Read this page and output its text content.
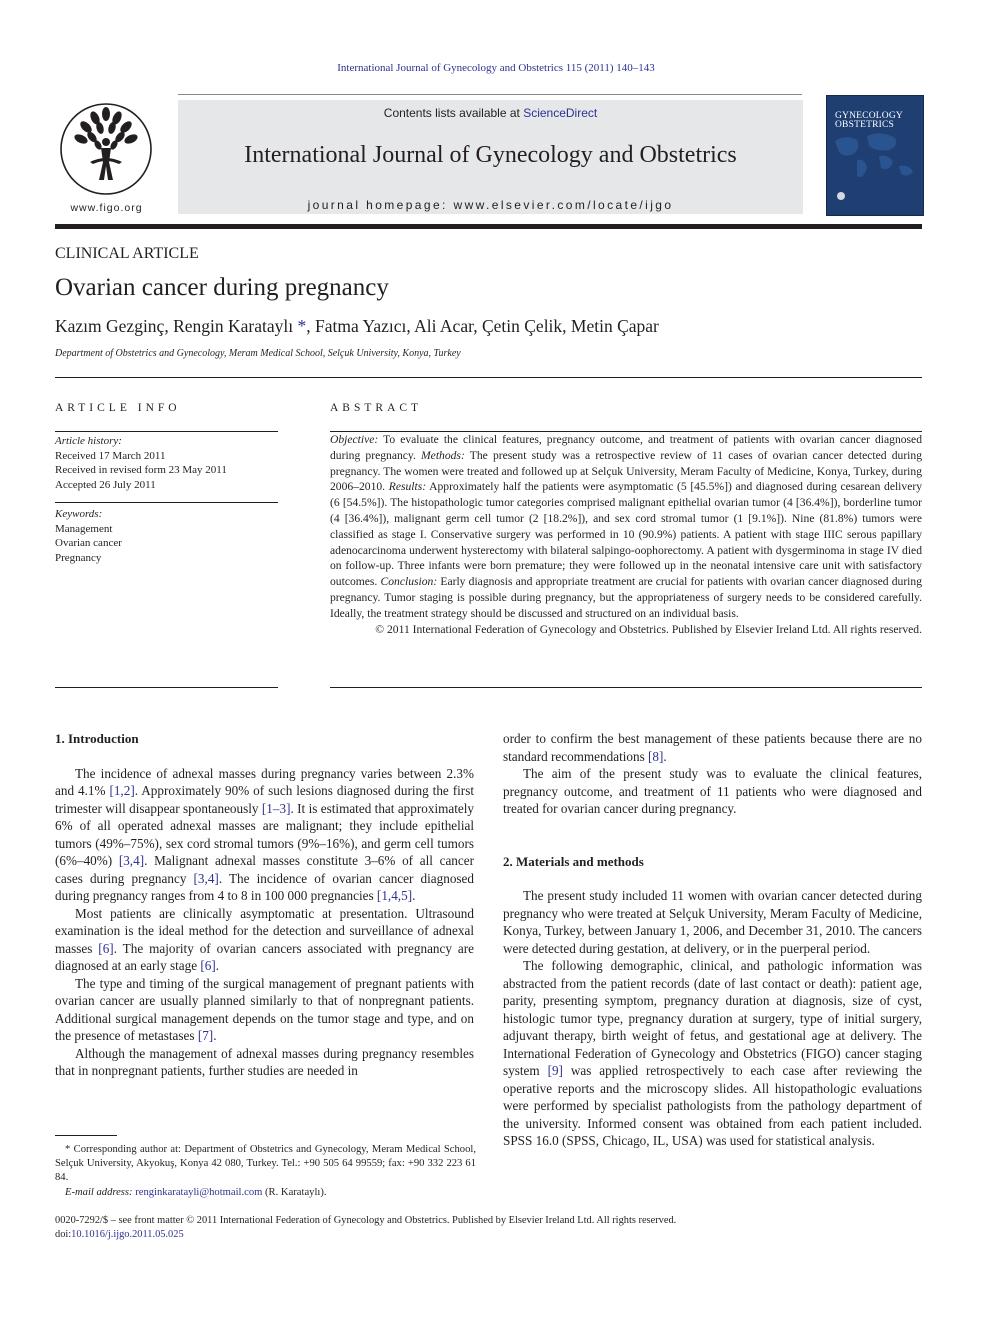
International Journal of Gynecology and Obstetrics 115 (2011) 140–143
www.figo.org
Contents lists available at ScienceDirect
International Journal of Gynecology and Obstetrics
journal homepage: www.elsevier.com/locate/ijgo
GYNECOLOGY
OBSTETRICS
CLINICAL ARTICLE
Ovarian cancer during pregnancy
Kazım Gezginç, Rengin Karataylı *, Fatma Yazıcı, Ali Acar, Çetin Çelik, Metin Çapar
Department of Obstetrics and Gynecology, Meram Medical School, Selçuk University, Konya, Turkey
ARTICLE INFO
Article history:
Received 17 March 2011
Received in revised form 23 May 2011
Accepted 26 July 2011
Keywords:
Management
Ovarian cancer
Pregnancy
ABSTRACT

Objective: To evaluate the clinical features, pregnancy outcome, and treatment of patients with ovarian cancer diagnosed during pregnancy. Methods: The present study was a retrospective review of 11 cases of ovarian cancer detected during pregnancy. The women were treated and followed up at Selçuk University, Meram Faculty of Medicine, Konya, Turkey, during 2006–2010. Results: Approximately half the patients were asymptomatic (5 [45.5%]) and diagnosed during cesarean delivery (6 [54.5%]). The histopathologic tumor categories comprised malignant epithelial ovarian tumor (4 [36.4%]), borderline tumor (4 [36.4%]), malignant germ cell tumor (2 [18.2%]), and sex cord stromal tumor (1 [9.1%]). Nine (81.8%) tumors were classified as stage I. Conservative surgery was performed in 10 (90.9%) patients. A patient with stage IIIC serous papillary adenocarcinoma underwent hysterectomy with bilateral salpingo-oophorectomy. A patient with dysgerminoma in stage IV died on follow-up. Three infants were born premature; they were followed up in the neonatal intensive care unit with satisfactory outcomes. Conclusion: Early diagnosis and appropriate treatment are crucial for patients with ovarian cancer diagnosed during pregnancy. Tumor staging is possible during pregnancy, but the appropriateness of surgery needs to be considered carefully. Ideally, the treatment strategy should be discussed and structured on an individual basis.

© 2011 International Federation of Gynecology and Obstetrics. Published by Elsevier Ireland Ltd. All rights reserved.

1. Introduction

The incidence of adnexal masses during pregnancy varies between 2.3% and 4.1% [1,2]. Approximately 90% of such lesions diagnosed during the first trimester will disappear spontaneously [1–3]. It is estimated that approximately 6% of all operated adnexal masses are malignant; they include epithelial tumors (49%–75%), sex cord stromal tumors (9%–16%), and germ cell tumors (6%–40%) [3,4]. Malignant adnexal masses constitute 3–6% of all cancer cases during pregnancy [3,4]. The incidence of ovarian cancer diagnosed during pregnancy ranges from 4 to 8 in 100 000 pregnancies [1,4,5].

Most patients are clinically asymptomatic at presentation. Ultrasound examination is the ideal method for the detection and surveillance of adnexal masses [6]. The majority of ovarian cancers associated with pregnancy are diagnosed at an early stage [6].

The type and timing of the surgical management of pregnant patients with ovarian cancer are usually planned similarly to that of nonpregnant patients. Additional surgical management depends on the tumor stage and type, and on the presence of metastases [7].

Although the management of adnexal masses during pregnancy resembles that in nonpregnant patients, further studies are needed in

order to confirm the best management of these patients because there are no standard recommendations [8].

The aim of the present study was to evaluate the clinical features, pregnancy outcome, and treatment of 11 patients who were diagnosed and treated for ovarian cancer during pregnancy.

2. Materials and methods

The present study included 11 women with ovarian cancer detected during pregnancy who were treated at Selçuk University, Meram Faculty of Medicine, Konya, Turkey, between January 1, 2006, and December 31, 2010. The cancers were detected during gestation, at delivery, or in the puerperal period.

The following demographic, clinical, and pathologic information was abstracted from the patient records (date of last contact or death): patient age, parity, presenting symptom, pregnancy duration at diagnosis, size of cyst, histologic tumor type, pregnancy duration at surgery, type of initial surgery, adjuvant therapy, birth weight of fetus, and gestational age at delivery. The International Federation of Gynecology and Obstetrics (FIGO) cancer staging system [9] was applied retrospectively to each case after reviewing the operative reports and the microscopy slides. All histopathologic evaluations were performed by specialist pathologists from the pathology department of the university. Informed consent was obtained from each patient included. SPSS 16.0 (SPSS, Chicago, IL, USA) was used for statistical analysis.

* Corresponding author at: Department of Obstetrics and Gynecology, Meram Medical School, Selçuk University, Akyokuş, Konya 42 080, Turkey. Tel.: +90 505 64 99559; fax: +90 332 223 61 84.

E-mail address: renginkaratayli@hotmail.com (R. Karataylı).

0020-7292/$ – see front matter © 2011 International Federation of Gynecology and Obstetrics. Published by Elsevier Ireland Ltd. All rights reserved.

doi:10.1016/j.ijgo.2011.05.025
